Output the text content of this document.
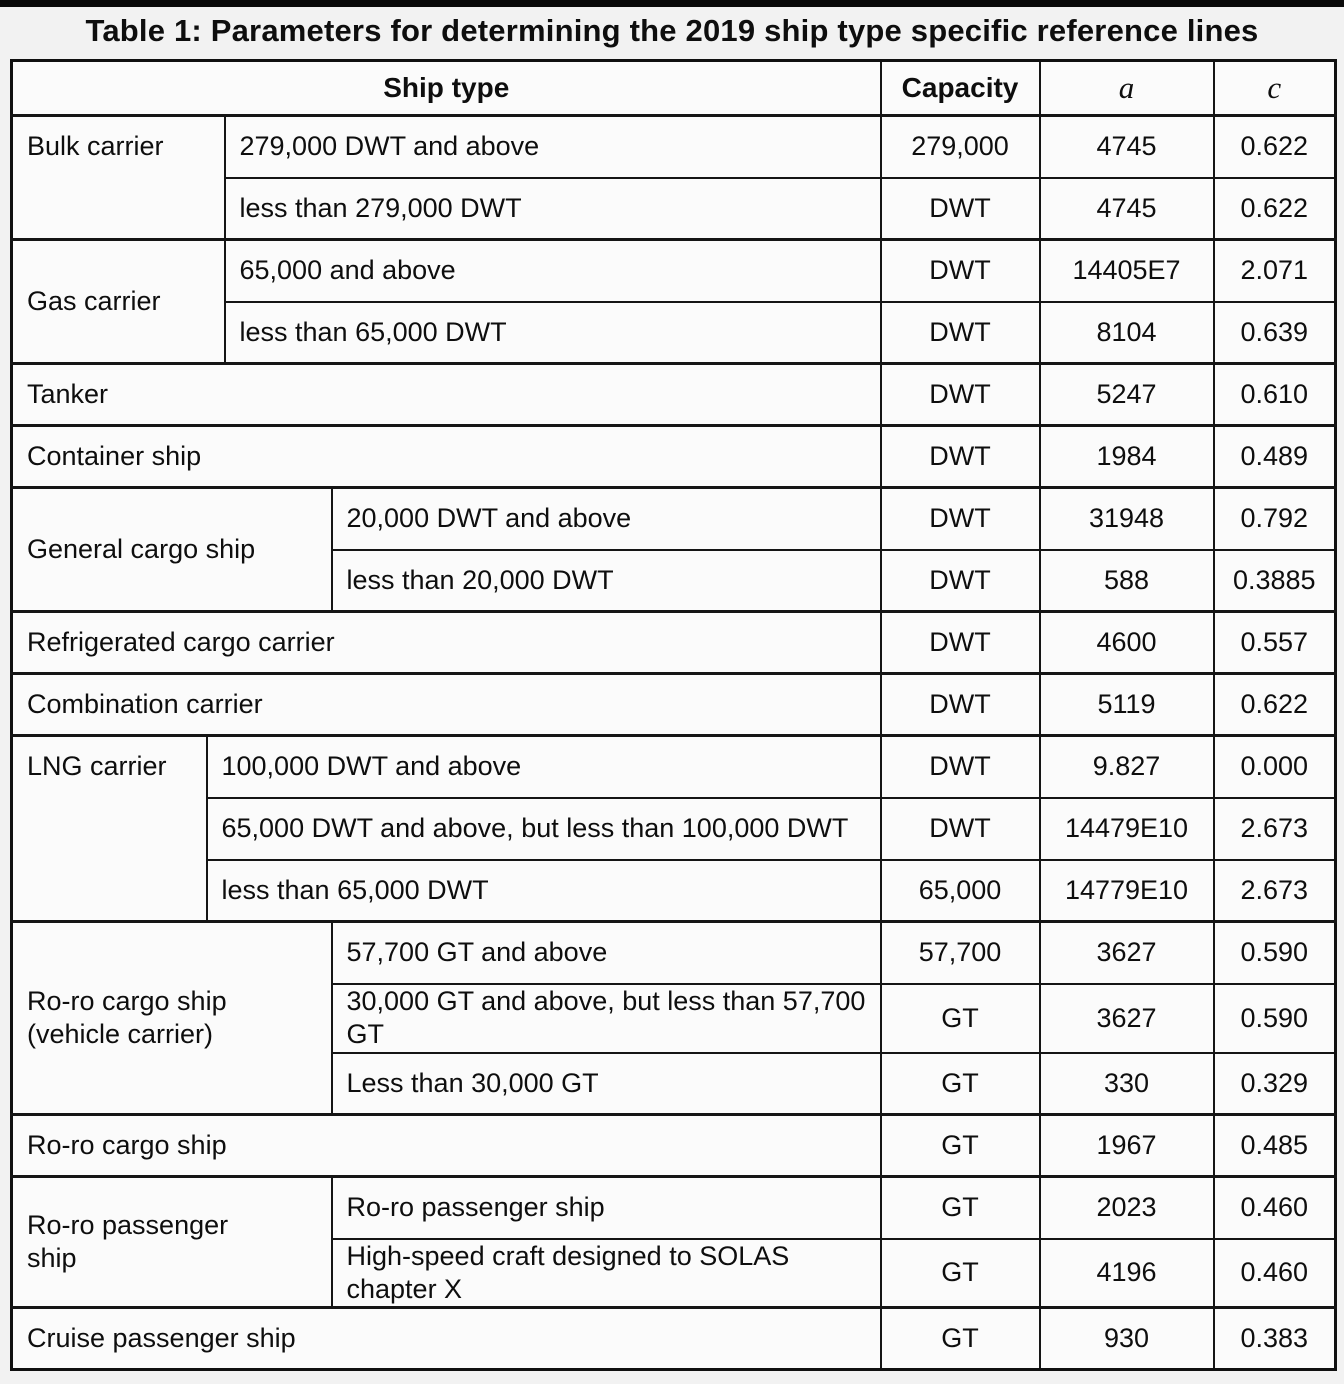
Table 1: Parameters for determining the 2019 ship type specific reference lines
Ship type				Capacity	a	c
Bulk carrier		279,000 DWT and above		279,000	4745	0.622
		less than 279,000 DWT		DWT	4745	0.622
Gas carrier		65,000 and above		DWT	14405E7	2.071
		less than 65,000 DWT		DWT	8104	0.639
Tanker				DWT	5247	0.610
Container ship				DWT	1984	0.489
General cargo ship			20,000 DWT and above	DWT	31948	0.792
			less than 20,000 DWT	DWT	588	0.3885
Refrigerated cargo carrier				DWT	4600	0.557
Combination carrier				DWT	5119	0.622
LNG carrier	100,000 DWT and above			DWT	9.827	0.000
	65,000 DWT and above, but less than 100,000 DWT			DWT	14479E10	2.673
	less than 65,000 DWT			65,000	14779E10	2.673
Ro-ro cargo ship (vehicle carrier)			57,700 GT and above	57,700	3627	0.590
			30,000 GT and above, but less than 57,700 GT	GT	3627	0.590
			Less than 30,000 GT	GT	330	0.329
Ro-ro cargo ship				GT	1967	0.485
Ro-ro passenger ship			Ro-ro passenger ship	GT	2023	0.460
			High-speed craft designed to SOLAS chapter X	GT	4196	0.460
Cruise passenger ship				GT	930	0.383
